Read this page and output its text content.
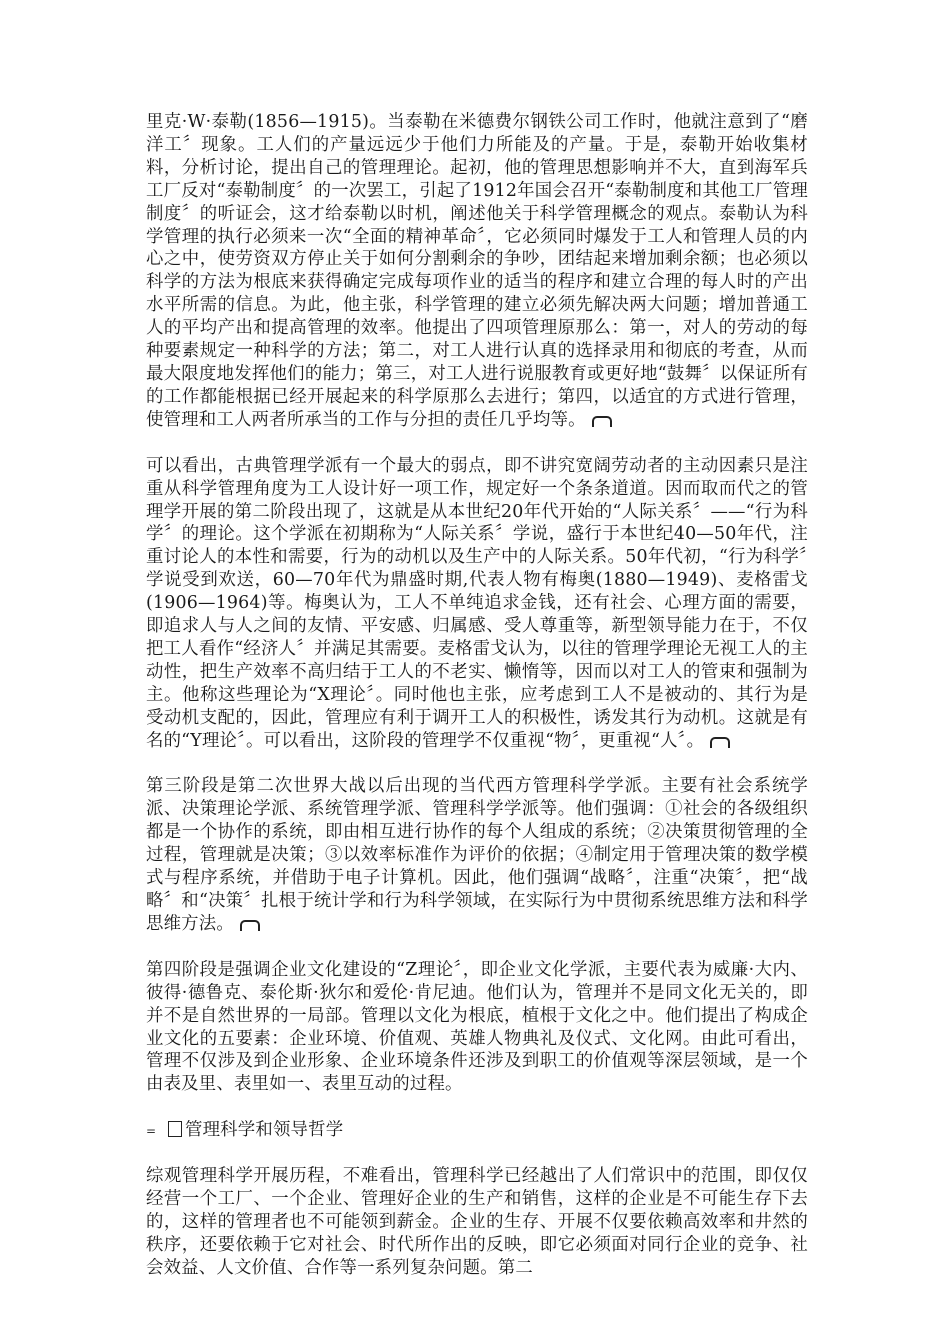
里克·W·泰勒(1856—1915)。当泰勒在米德费尔钢铁公司工作时，他就注意到了“磨洋工〞现象。工人们的产量远远少于他们力所能及的产量。于是，泰勒开始收集材料，分析讨论，提出自己的管理理论。起初，他的管理思想影响并不大，直到海军兵工厂反对“泰勒制度〞的一次罢工，引起了1912年国会召开“泰勒制度和其他工厂管理制度〞的听证会，这才给泰勒以时机，阐述他关于科学管理概念的观点。泰勒认为科学管理的执行必须来一次“全面的精神革命〞，它必须同时爆发于工人和管理人员的内心之中，使劳资双方停止关于如何分割剩余的争吵，团结起来增加剩余额；也必须以科学的方法为根底来获得确定完成每项作业的适当的程序和建立合理的每人时的产出水平所需的信息。为此，他主张，科学管理的建立必须先解决两大问题；增加普通工人的平均产出和提高管理的效率。他提出了四项管理原那么：第一，对人的劳动的每种要素规定一种科学的方法；第二，对工人进行认真的选择录用和彻底的考查，从而最大限度地发挥他们的能力；第三，对工人进行说服教育或更好地“鼓舞〞以保证所有的工作都能根据已经开展起来的科学原那么去进行；第四，以适宜的方式进行管理，使管理和工人两者所承当的工作与分担的责任几乎均等。

可以看出，古典管理学派有一个最大的弱点，即不讲究宽阔劳动者的主动因素只是注重从科学管理角度为工人设计好一项工作，规定好一个条条道道。因而取而代之的管理学开展的第二阶段出现了，这就是从本世纪20年代开始的“人际关系〞——“行为科学〞的理论。这个学派在初期称为“人际关系〞学说，盛行于本世纪40—50年代，注重讨论人的本性和需要，行为的动机以及生产中的人际关系。50年代初，“行为科学〞学说受到欢送，60—70年代为鼎盛时期,代表人物有梅奥(1880—1949)、麦格雷戈(1906—1964)等。梅奥认为，工人不单纯追求金钱，还有社会、心理方面的需要，即追求人与人之间的友情、平安感、归属感、受人尊重等，新型领导能力在于，不仅把工人看作“经济人〞并满足其需要。麦格雷戈认为，以往的管理学理论无视工人的主动性，把生产效率不高归结于工人的不老实、懒惰等，因而以对工人的管束和强制为主。他称这些理论为“X理论〞。同时他也主张，应考虑到工人不是被动的、其行为是受动机支配的，因此，管理应有利于调开工人的积极性，诱发其行为动机。这就是有名的“Y理论〞。可以看出，这阶段的管理学不仅重视“物〞，更重视“人〞。

第三阶段是第二次世界大战以后出现的当代西方管理科学学派。主要有社会系统学派、决策理论学派、系统管理学派、管理科学学派等。他们强调：①社会的各级组织都是一个协作的系统，即由相互进行协作的每个人组成的系统；②决策贯彻管理的全过程，管理就是决策；③以效率标准作为评价的依据；④制定用于管理决策的数学模式与程序系统，并借助于电子计算机。因此，他们强调“战略〞，注重“决策〞，把“战略〞和“决策〞扎根于统计学和行为科学领域，在实际行为中贯彻系统思维方法和科学思维方法。

第四阶段是强调企业文化建设的“Z理论〞，即企业文化学派，主要代表为威廉·大内、彼得·德鲁克、泰伦斯·狄尔和爱伦·肯尼迪。他们认为，管理并不是同文化无关的，即并不是自然世界的一局部。管理以文化为根底，植根于文化之中。他们提出了构成企业文化的五要素：企业环境、价值观、英雄人物典礼及仪式、文化网。由此可看出，管理不仅涉及到企业形象、企业环境条件还涉及到职工的价值观等深层领域，是一个由表及里、表里如一、表里互动的过程。

= 管理科学和领导哲学

综观管理科学开展历程，不难看出，管理科学已经越出了人们常识中的范围，即仅仅经营一个工厂、一个企业、管理好企业的生产和销售，这样的企业是不可能生存下去的，这样的管理者也不可能领到薪金。企业的生存、开展不仅要依赖高效率和井然的秩序，还要依赖于它对社会、时代所作出的反映，即它必须面对同行企业的竞争、社会效益、人文价值、合作等一系列复杂问题。第二
